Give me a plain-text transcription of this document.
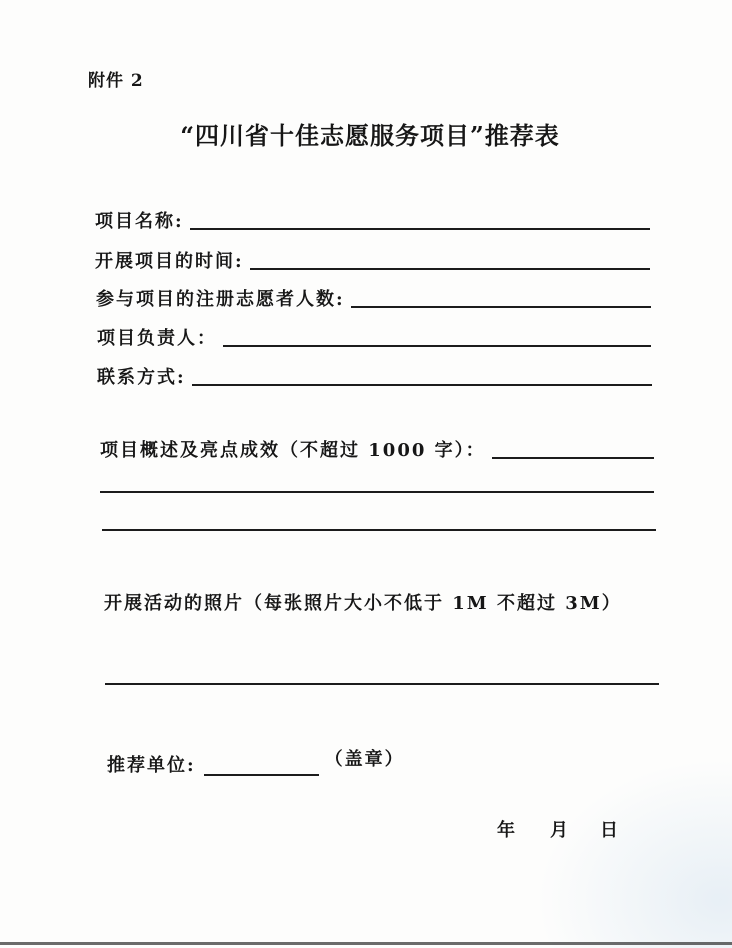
附件 2
“四川省十佳志愿服务项目”推荐表
项目名称:
开展项目的时间:
参与项目的注册志愿者人数:
项目负责人：
联系方式:
项目概述及亮点成效（不超过 1000 字）：
开展活动的照片（每张照片大小不低于 1M 不超过 3M）
推荐单位:	（盖章）
年 月 日
